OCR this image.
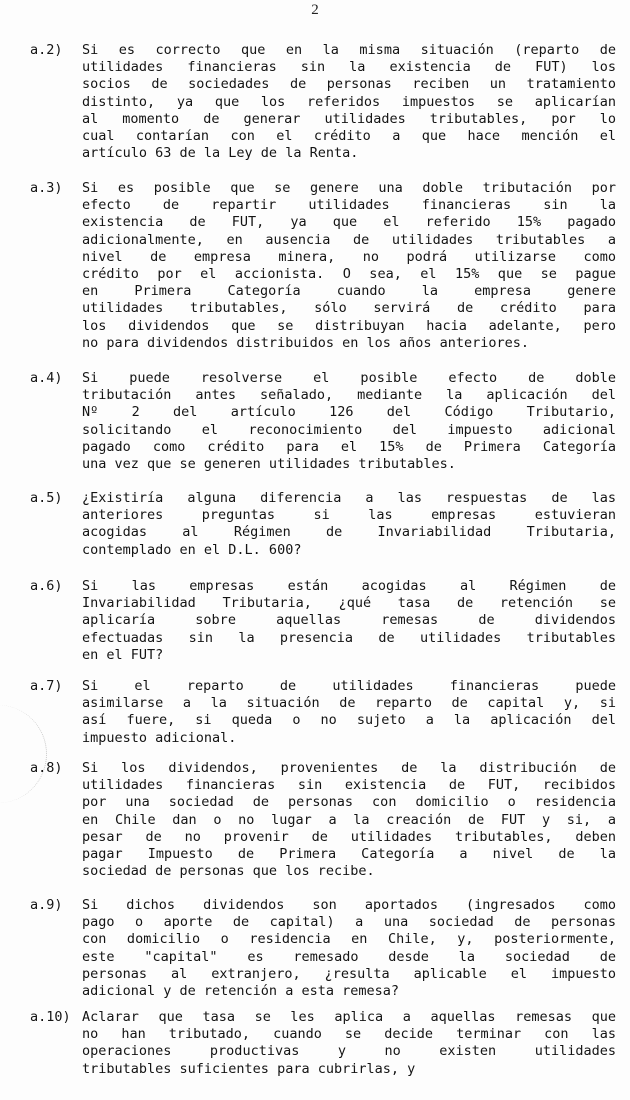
2
a.2)	Si es correcto que en la misma situación (reparto de
utilidades financieras sin la existencia de FUT) los
socios de sociedades de personas reciben un tratamiento
distinto, ya que los referidos impuestos se aplicarían
al momento de generar utilidades tributables, por lo
cual contarían con el crédito a que hace mención el
artículo 63 de la Ley de la Renta.
a.3)	Si es posible que se genere una doble tributación por
efecto de repartir utilidades financieras sin la
existencia de FUT, ya que el referido 15% pagado
adicionalmente, en ausencia de utilidades tributables a
nivel de empresa minera, no podrá utilizarse como
crédito por el accionista. O sea, el 15% que se pague
en Primera Categoría cuando la empresa genere
utilidades tributables, sólo servirá de crédito para
los dividendos que se distribuyan hacia adelante, pero
no para dividendos distribuidos en los años anteriores.
a.4)	Si puede resolverse el posible efecto de doble
tributación antes señalado, mediante la aplicación del
Nº 2 del artículo 126 del Código Tributario,
solicitando el reconocimiento del impuesto adicional
pagado como crédito para el 15% de Primera Categoría
una vez que se generen utilidades tributables.
a.5)	¿Existiría alguna diferencia a las respuestas de las
anteriores preguntas si las empresas estuvieran
acogidas al Régimen de Invariabilidad Tributaria,
contemplado en el D.L. 600?
a.6)	Si las empresas están acogidas al Régimen de
Invariabilidad Tributaria, ¿qué tasa de retención se
aplicaría sobre aquellas remesas de dividendos
efectuadas sin la presencia de utilidades tributables
en el FUT?
a.7)	Si el reparto de utilidades financieras puede
asimilarse a la situación de reparto de capital y, si
así fuere, si queda o no sujeto a la aplicación del
impuesto adicional.
a.8)	Si los dividendos, provenientes de la distribución de
utilidades financieras sin existencia de FUT, recibidos
por una sociedad de personas con domicilio o residencia
en Chile dan o no lugar a la creación de FUT y si, a
pesar de no provenir de utilidades tributables, deben
pagar Impuesto de Primera Categoría a nivel de la
sociedad de personas que los recibe.
a.9)	Si dichos dividendos son aportados (ingresados como
pago o aporte de capital) a una sociedad de personas
con domicilio o residencia en Chile, y, posteriormente,
este "capital" es remesado desde la sociedad de
personas al extranjero, ¿resulta aplicable el impuesto
adicional y de retención a esta remesa?
a.10) Aclarar que tasa se les aplica a aquellas remesas que
no han tributado, cuando se decide terminar con las
operaciones productivas y no existen utilidades
tributables suficientes para cubrirlas, y
